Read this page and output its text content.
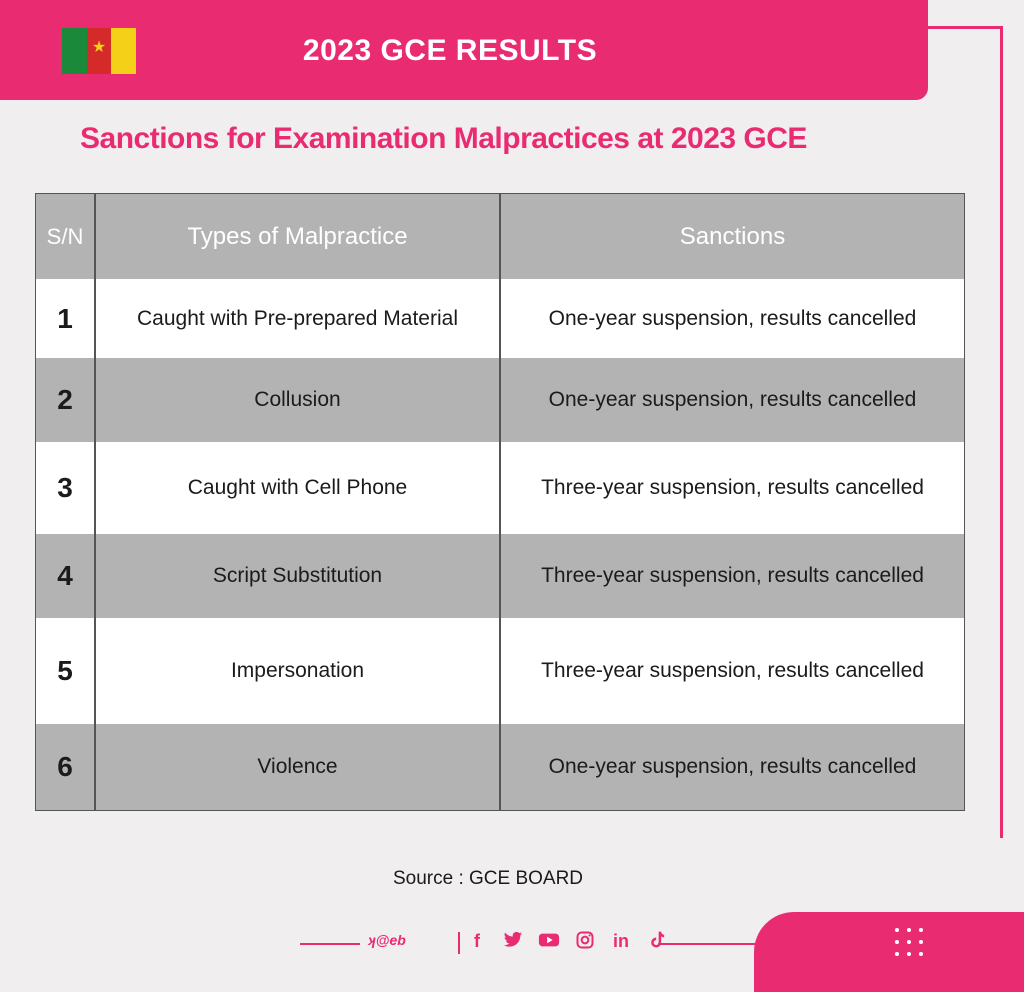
★	2023 GCE RESULTS
Sanctions for Examination Malpractices at 2023 GCE
S/N	Types of Malpractice	Sanctions
1	Caught with Pre-prepared Material	One-year suspension, results cancelled
2	Collusion	One-year suspension, results cancelled
3	Caught with Cell Phone	Three-year suspension, results cancelled
4	Script Substitution	Three-year suspension, results cancelled
5	Impersonation	Three-year suspension, results cancelled
6	Violence	One-year suspension, results cancelled
Source : GCE BOARD
ʞ@eb	f	in
